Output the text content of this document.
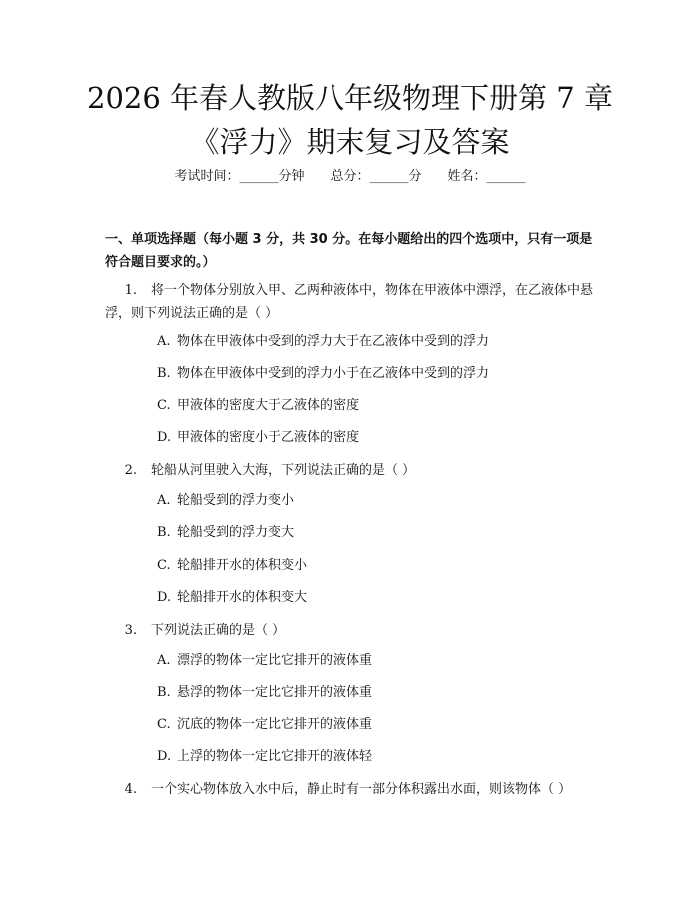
2026 年春人教版八年级物理下册第 7 章《浮力》期末复习及答案
考试时间：______分钟 总分：______分 姓名：______
一、单项选择题（每小题 3 分，共 30 分。在每小题给出的四个选项中，只有一项是符合题目要求的。）
1. 将一个物体分别放入甲、乙两种液体中，物体在甲液体中漂浮，在乙液体中悬浮，则下列说法正确的是（ ）
A. 物体在甲液体中受到的浮力大于在乙液体中受到的浮力
B. 物体在甲液体中受到的浮力小于在乙液体中受到的浮力
C. 甲液体的密度大于乙液体的密度
D. 甲液体的密度小于乙液体的密度
2. 轮船从河里驶入大海，下列说法正确的是（ ）
A. 轮船受到的浮力变小
B. 轮船受到的浮力变大
C. 轮船排开水的体积变小
D. 轮船排开水的体积变大
3. 下列说法正确的是（ ）
A. 漂浮的物体一定比它排开的液体重
B. 悬浮的物体一定比它排开的液体重
C. 沉底的物体一定比它排开的液体重
D. 上浮的物体一定比它排开的液体轻
4. 一个实心物体放入水中后，静止时有一部分体积露出水面，则该物体（ ）
